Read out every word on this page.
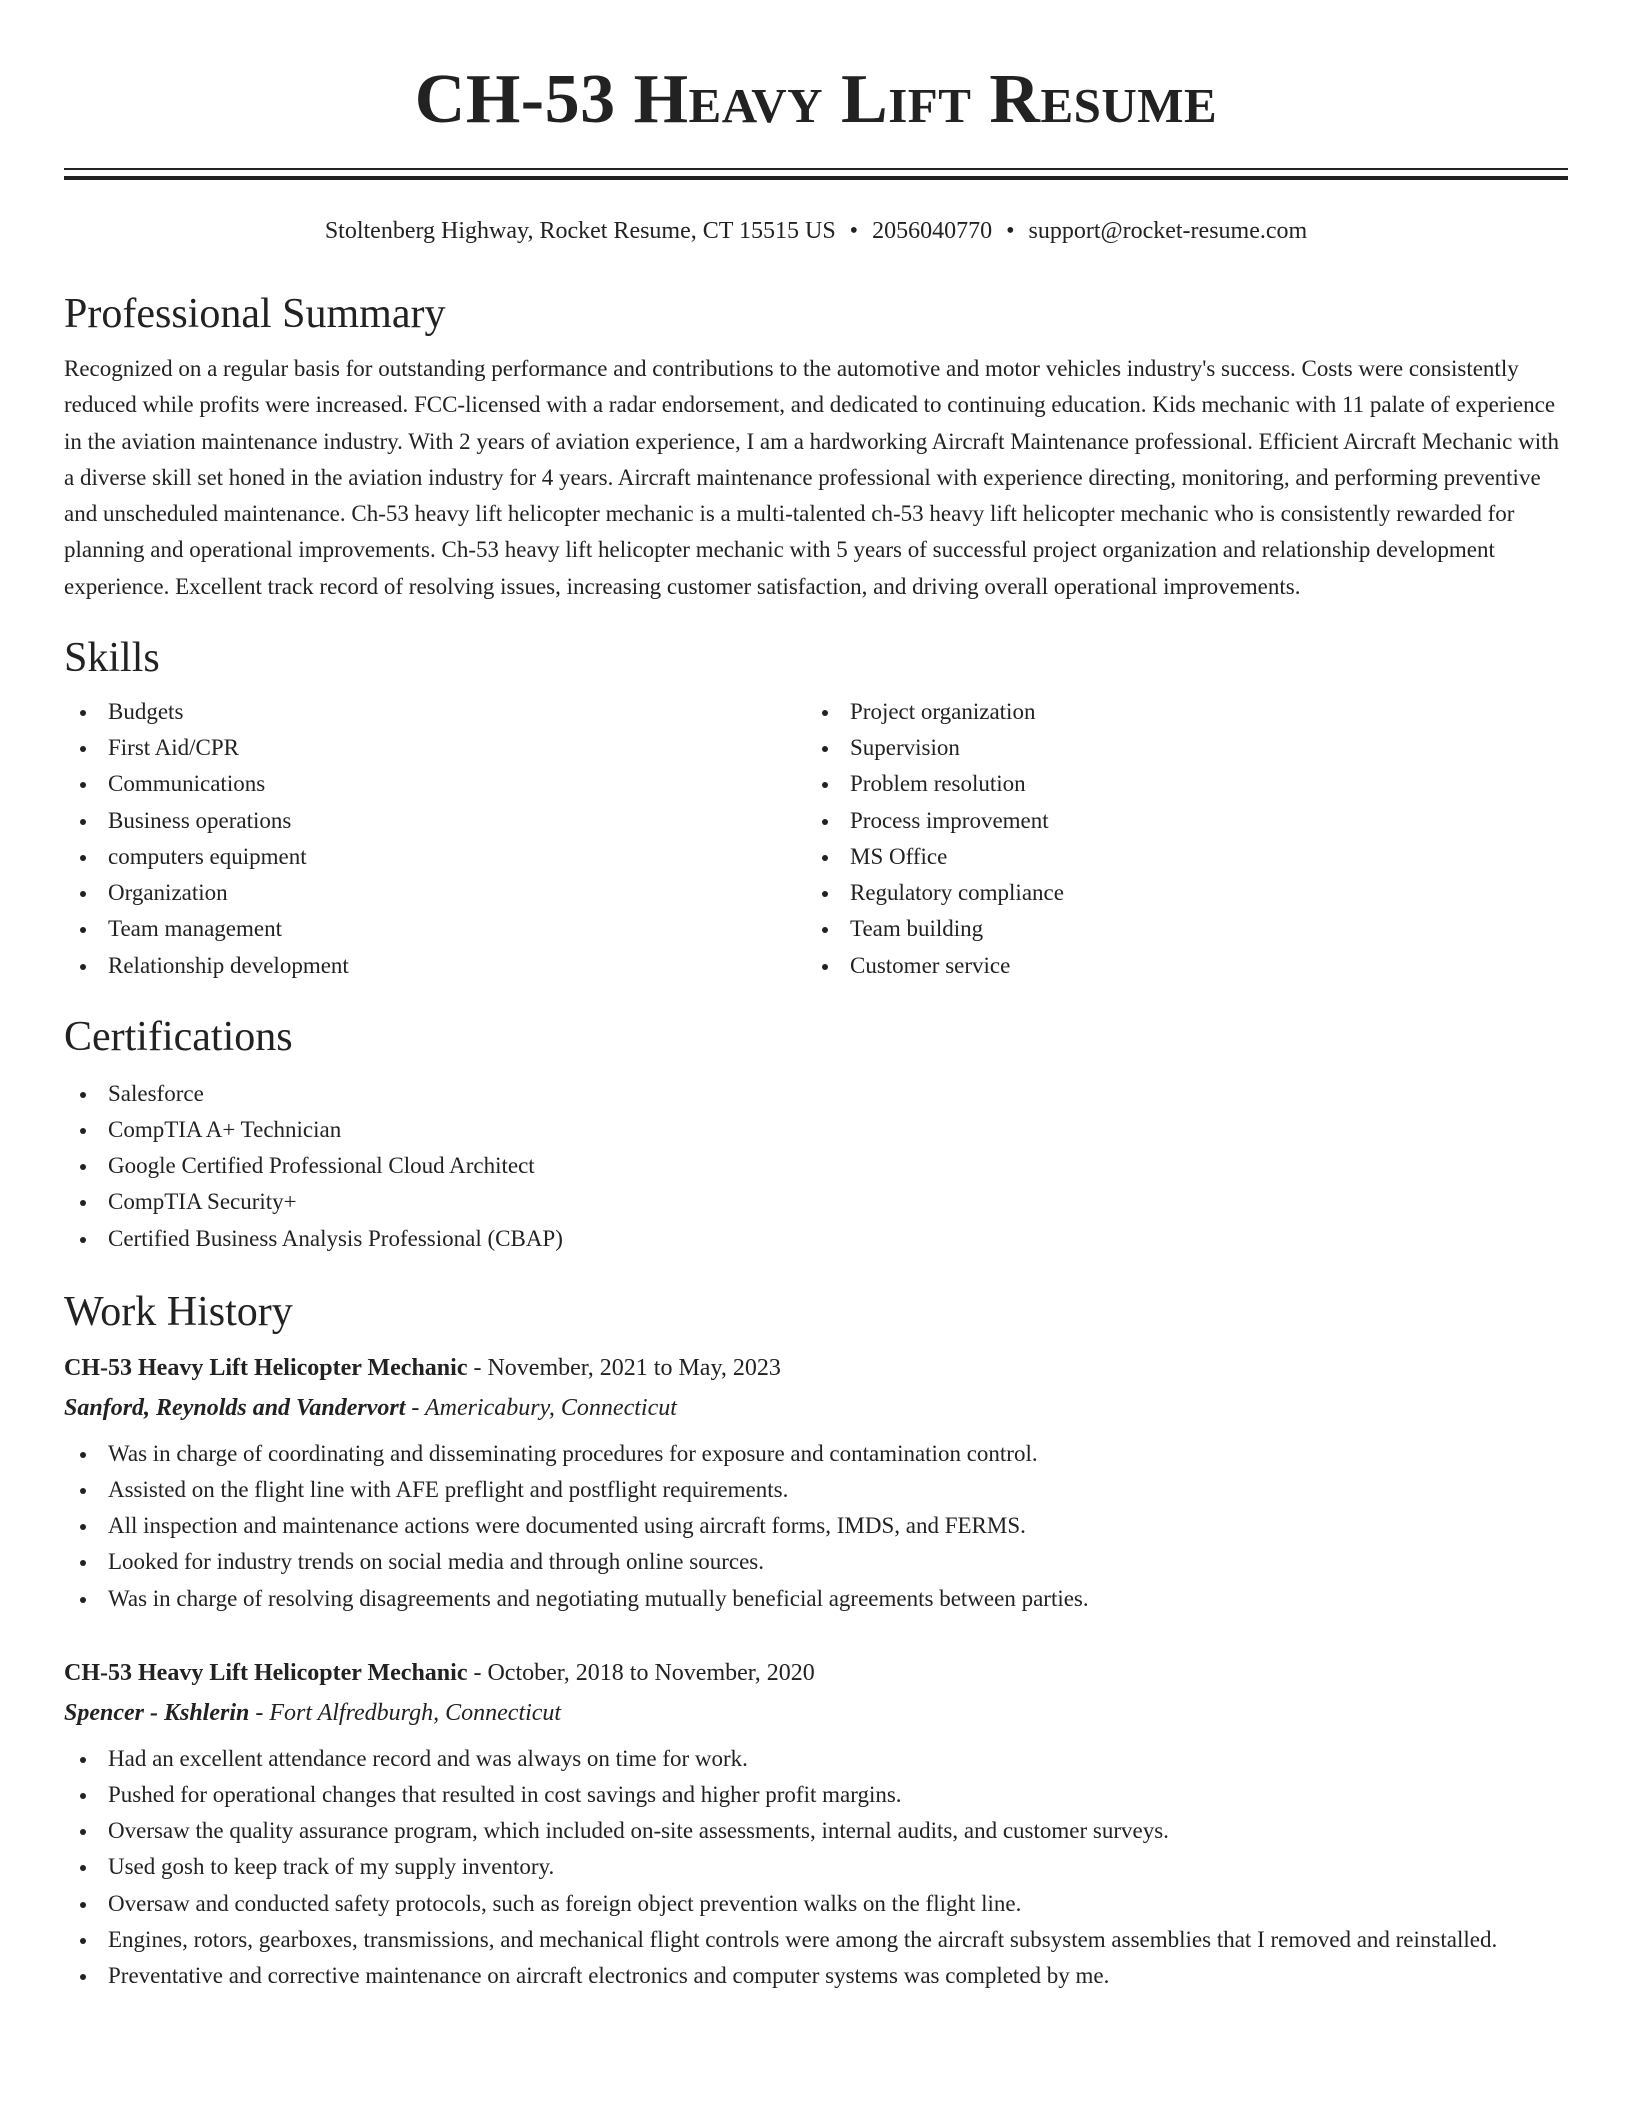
CH-53 Heavy Lift Resume
Stoltenberg Highway, Rocket Resume, CT 15515 US • 2056040770 • support@rocket-resume.com
Professional Summary

Recognized on a regular basis for outstanding performance and contributions to the automotive and motor vehicles industry's success. Costs were consistently reduced while profits were increased. FCC-licensed with a radar endorsement, and dedicated to continuing education. Kids mechanic with 11 palate of experience in the aviation maintenance industry. With 2 years of aviation experience, I am a hardworking Aircraft Maintenance professional. Efficient Aircraft Mechanic with a diverse skill set honed in the aviation industry for 4 years. Aircraft maintenance professional with experience directing, monitoring, and performing preventive and unscheduled maintenance. Ch-53 heavy lift helicopter mechanic is a multi-talented ch-53 heavy lift helicopter mechanic who is consistently rewarded for planning and operational improvements. Ch-53 heavy lift helicopter mechanic with 5 years of successful project organization and relationship development experience. Excellent track record of resolving issues, increasing customer satisfaction, and driving overall operational improvements.

Skills
Budgets
First Aid/CPR
Communications
Business operations
computers equipment
Organization
Team management
Relationship development
Project organization
Supervision
Problem resolution
Process improvement
MS Office
Regulatory compliance
Team building
Customer service
Certifications
Salesforce
CompTIA A+ Technician
Google Certified Professional Cloud Architect
CompTIA Security+
Certified Business Analysis Professional (CBAP)
Work History
CH-53 Heavy Lift Helicopter Mechanic - November, 2021 to May, 2023
Sanford, Reynolds and Vandervort - Americabury, Connecticut
Was in charge of coordinating and disseminating procedures for exposure and contamination control.
Assisted on the flight line with AFE preflight and postflight requirements.
All inspection and maintenance actions were documented using aircraft forms, IMDS, and FERMS.
Looked for industry trends on social media and through online sources.
Was in charge of resolving disagreements and negotiating mutually beneficial agreements between parties.
CH-53 Heavy Lift Helicopter Mechanic - October, 2018 to November, 2020
Spencer - Kshlerin - Fort Alfredburgh, Connecticut
Had an excellent attendance record and was always on time for work.
Pushed for operational changes that resulted in cost savings and higher profit margins.
Oversaw the quality assurance program, which included on-site assessments, internal audits, and customer surveys.
Used gosh to keep track of my supply inventory.
Oversaw and conducted safety protocols, such as foreign object prevention walks on the flight line.
Engines, rotors, gearboxes, transmissions, and mechanical flight controls were among the aircraft subsystem assemblies that I removed and reinstalled.
Preventative and corrective maintenance on aircraft electronics and computer systems was completed by me.
